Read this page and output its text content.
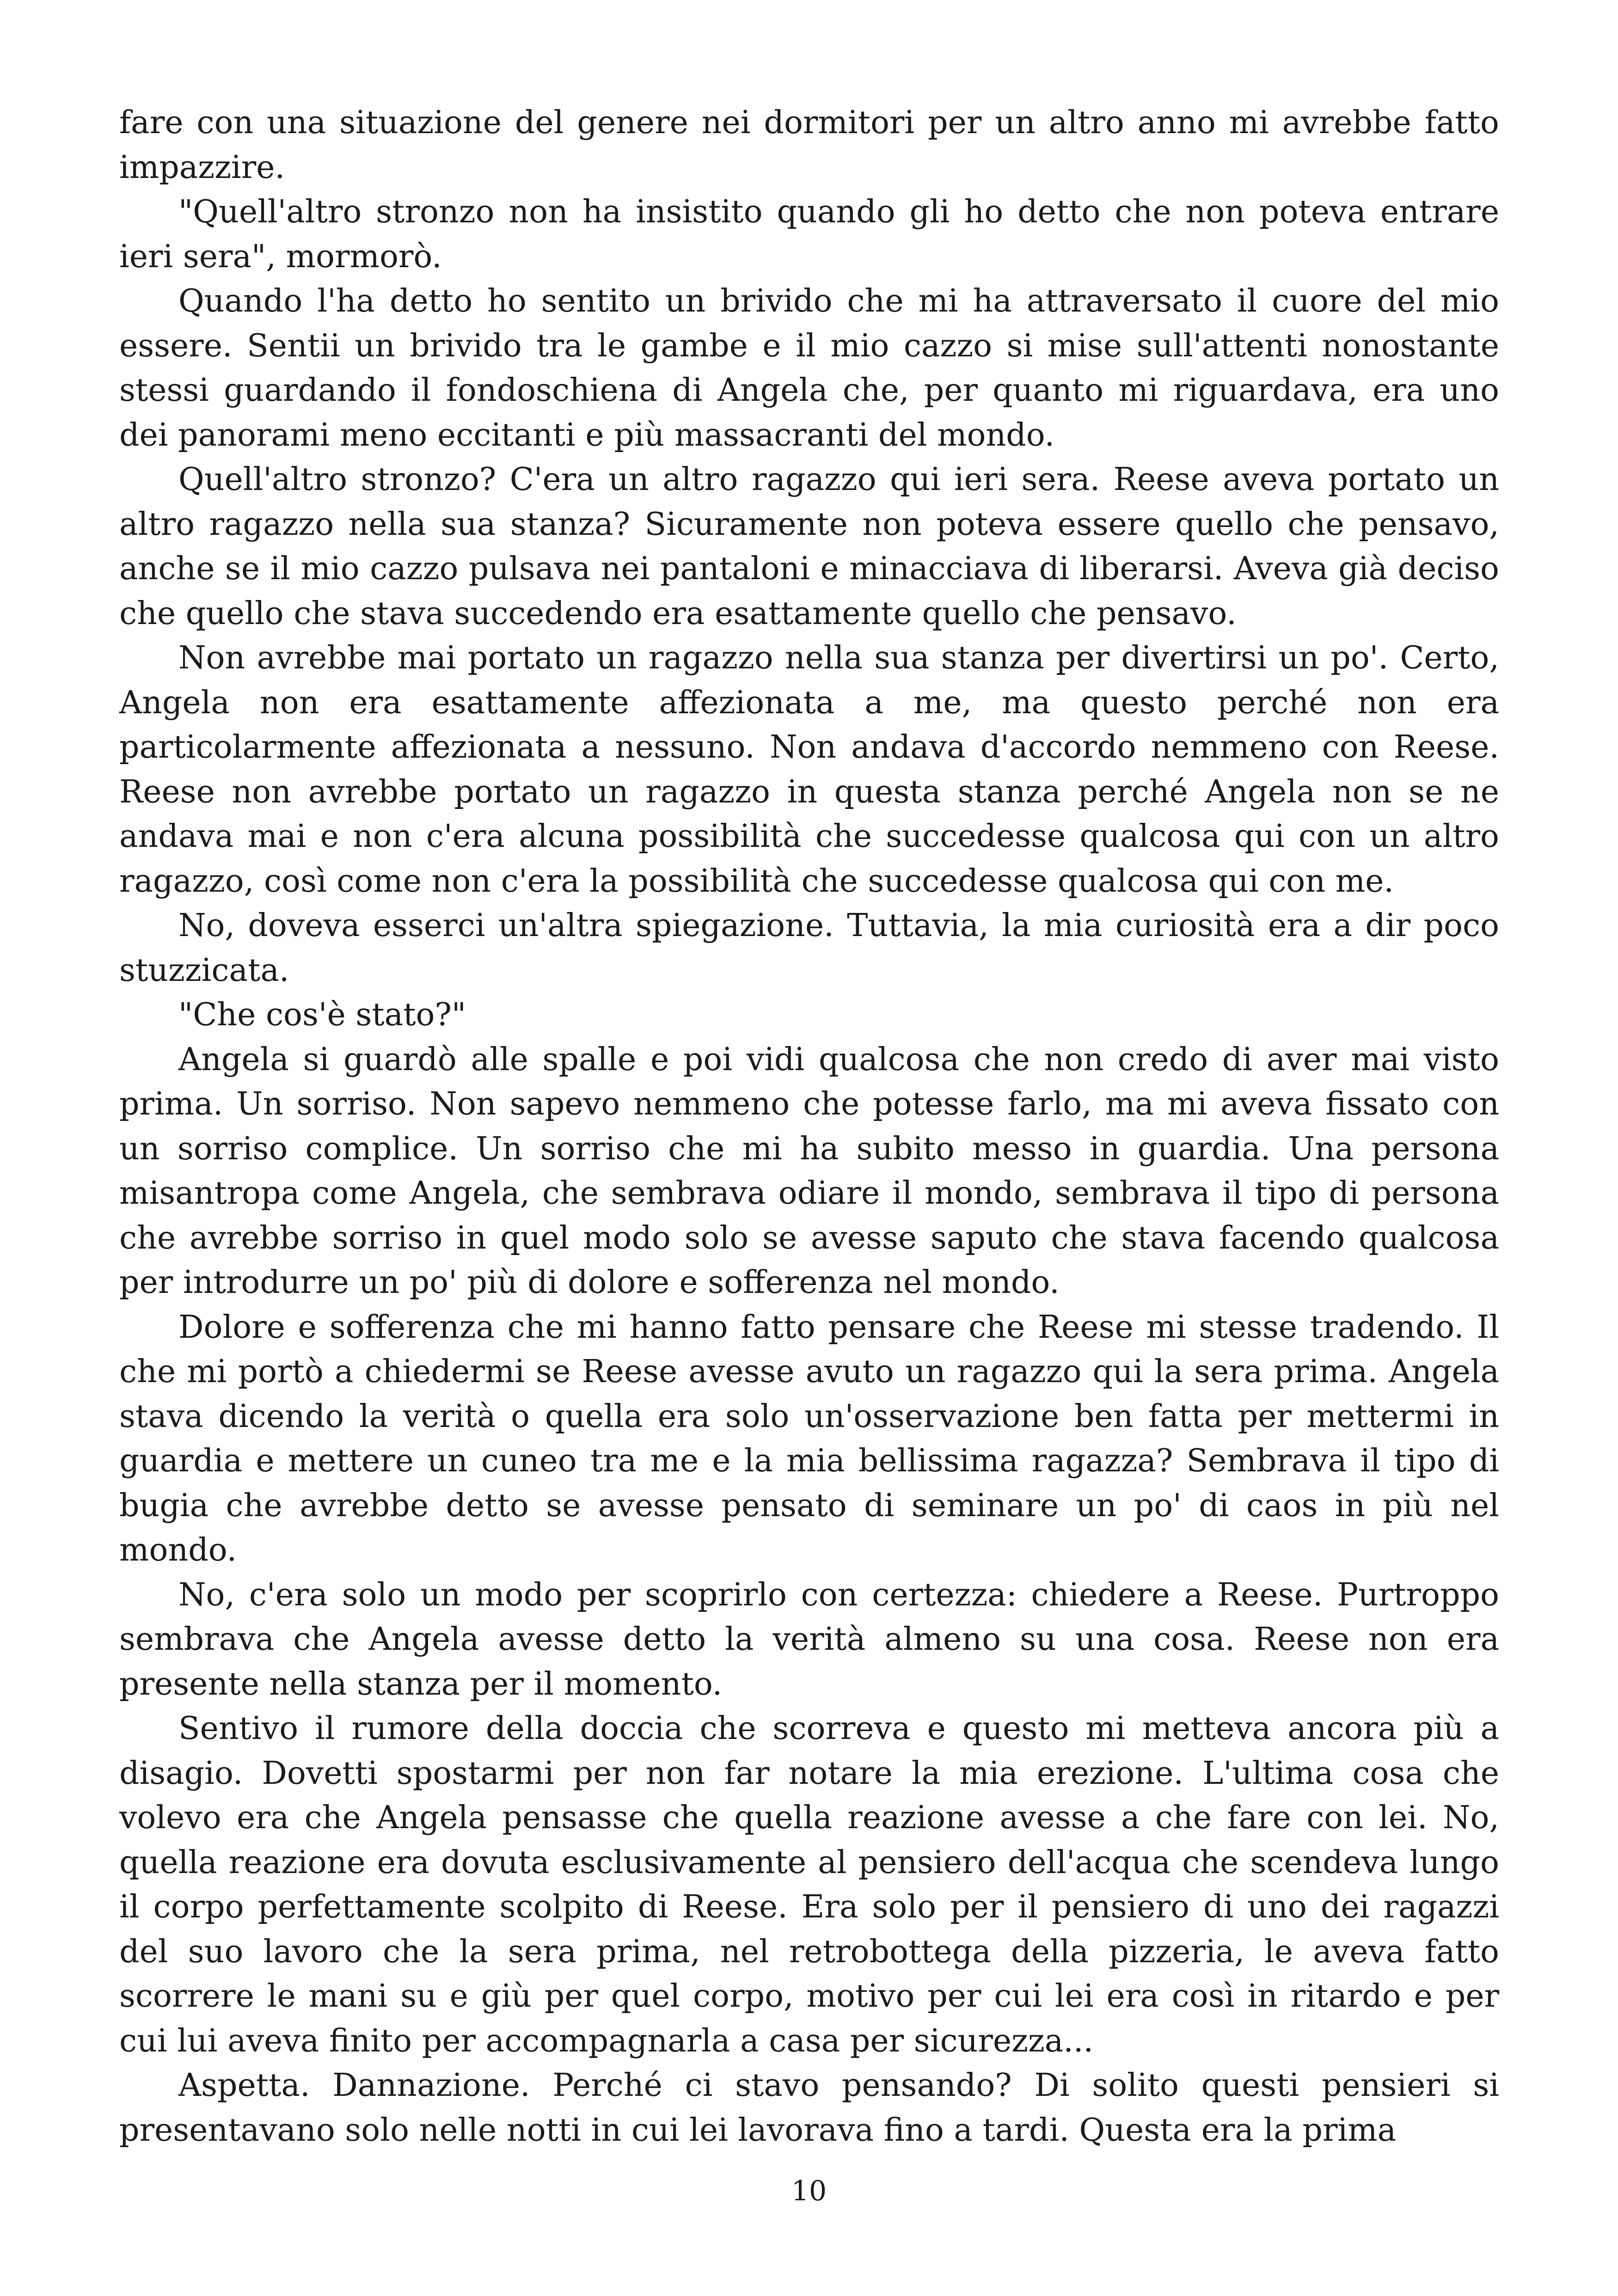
fare con una situazione del genere nei dormitori per un altro anno mi avrebbe fatto impazzire.

"Quell'altro stronzo non ha insistito quando gli ho detto che non poteva entrare ieri sera", mormorò.

Quando l'ha detto ho sentito un brivido che mi ha attraversato il cuore del mio essere. Sentii un brivido tra le gambe e il mio cazzo si mise sull'attenti nonostante stessi guardando il fondoschiena di Angela che, per quanto mi riguardava, era uno dei panorami meno eccitanti e più massacranti del mondo.

Quell'altro stronzo? C'era un altro ragazzo qui ieri sera. Reese aveva portato un altro ragazzo nella sua stanza? Sicuramente non poteva essere quello che pensavo, anche se il mio cazzo pulsava nei pantaloni e minacciava di liberarsi. Aveva già deciso che quello che stava succedendo era esattamente quello che pensavo.

Non avrebbe mai portato un ragazzo nella sua stanza per divertirsi un po'. Certo, Angela non era esattamente affezionata a me, ma questo perché non era particolarmente affezionata a nessuno. Non andava d'accordo nemmeno con Reese. Reese non avrebbe portato un ragazzo in questa stanza perché Angela non se ne andava mai e non c'era alcuna possibilità che succedesse qualcosa qui con un altro ragazzo, così come non c'era la possibilità che succedesse qualcosa qui con me.

No, doveva esserci un'altra spiegazione. Tuttavia, la mia curiosità era a dir poco stuzzicata.

"Che cos'è stato?"

Angela si guardò alle spalle e poi vidi qualcosa che non credo di aver mai visto prima. Un sorriso. Non sapevo nemmeno che potesse farlo, ma mi aveva fissato con un sorriso complice. Un sorriso che mi ha subito messo in guardia. Una persona misantropa come Angela, che sembrava odiare il mondo, sembrava il tipo di persona che avrebbe sorriso in quel modo solo se avesse saputo che stava facendo qualcosa per introdurre un po' più di dolore e sofferenza nel mondo.

Dolore e sofferenza che mi hanno fatto pensare che Reese mi stesse tradendo. Il che mi portò a chiedermi se Reese avesse avuto un ragazzo qui la sera prima. Angela stava dicendo la verità o quella era solo un'osservazione ben fatta per mettermi in guardia e mettere un cuneo tra me e la mia bellissima ragazza? Sembrava il tipo di bugia che avrebbe detto se avesse pensato di seminare un po' di caos in più nel mondo.

No, c'era solo un modo per scoprirlo con certezza: chiedere a Reese. Purtroppo sembrava che Angela avesse detto la verità almeno su una cosa. Reese non era presente nella stanza per il momento.

Sentivo il rumore della doccia che scorreva e questo mi metteva ancora più a disagio. Dovetti spostarmi per non far notare la mia erezione. L'ultima cosa che volevo era che Angela pensasse che quella reazione avesse a che fare con lei. No, quella reazione era dovuta esclusivamente al pensiero dell'acqua che scendeva lungo il corpo perfettamente scolpito di Reese. Era solo per il pensiero di uno dei ragazzi del suo lavoro che la sera prima, nel retrobottega della pizzeria, le aveva fatto scorrere le mani su e giù per quel corpo, motivo per cui lei era così in ritardo e per cui lui aveva finito per accompagnarla a casa per sicurezza...

Aspetta. Dannazione. Perché ci stavo pensando? Di solito questi pensieri si presentavano solo nelle notti in cui lei lavorava fino a tardi. Questa era la prima

10
